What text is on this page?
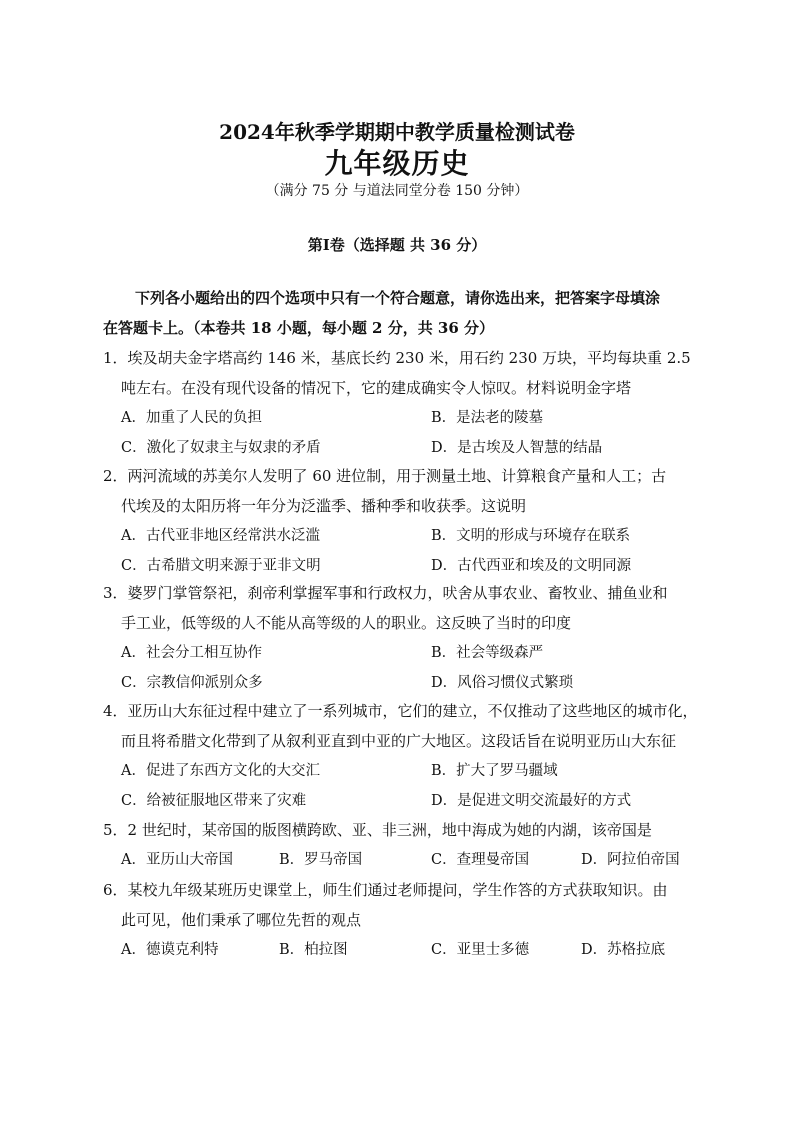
2024年秋季学期期中教学质量检测试卷
九年级历史
（满分 75 分 与道法同堂分卷 150 分钟）
第Ⅰ卷（选择题 共 36 分）
下列各小题给出的四个选项中只有一个符合题意，请你选出来，把答案字母填涂
在答题卡上。（本卷共 18 小题，每小题 2 分，共 36 分）
1．埃及胡夫金字塔高约 146 米，基底长约 230 米，用石约 230 万块，平均每块重 2.5
吨左右。在没有现代设备的情况下，它的建成确实令人惊叹。材料说明金字塔
A．加重了人民的负担	B．是法老的陵墓
C．激化了奴隶主与奴隶的矛盾	D．是古埃及人智慧的结晶
2．两河流域的苏美尔人发明了 60 进位制，用于测量土地、计算粮食产量和人工；古
代埃及的太阳历将一年分为泛滥季、播种季和收获季。这说明
A．古代亚非地区经常洪水泛滥	B．文明的形成与环境存在联系
C．古希腊文明来源于亚非文明	D．古代西亚和埃及的文明同源
3．婆罗门掌管祭祀，刹帝利掌握军事和行政权力，吠舍从事农业、畜牧业、捕鱼业和
手工业，低等级的人不能从高等级的人的职业。这反映了当时的印度
A．社会分工相互协作	B．社会等级森严
C．宗教信仰派别众多	D．风俗习惯仪式繁琐
4．亚历山大东征过程中建立了一系列城市，它们的建立，不仅推动了这些地区的城市化，
而且将希腊文化带到了从叙利亚直到中亚的广大地区。这段话旨在说明亚历山大东征
A．促进了东西方文化的大交汇	B．扩大了罗马疆域
C．给被征服地区带来了灾难	D．是促进文明交流最好的方式
5．2 世纪时，某帝国的版图横跨欧、亚、非三洲，地中海成为她的内湖，该帝国是
A．亚历山大帝国	B．罗马帝国	C．查理曼帝国	D．阿拉伯帝国
6．某校九年级某班历史课堂上，师生们通过老师提问，学生作答的方式获取知识。由
此可见，他们秉承了哪位先哲的观点
A．德谟克利特	B．柏拉图	C．亚里士多德	D．苏格拉底
